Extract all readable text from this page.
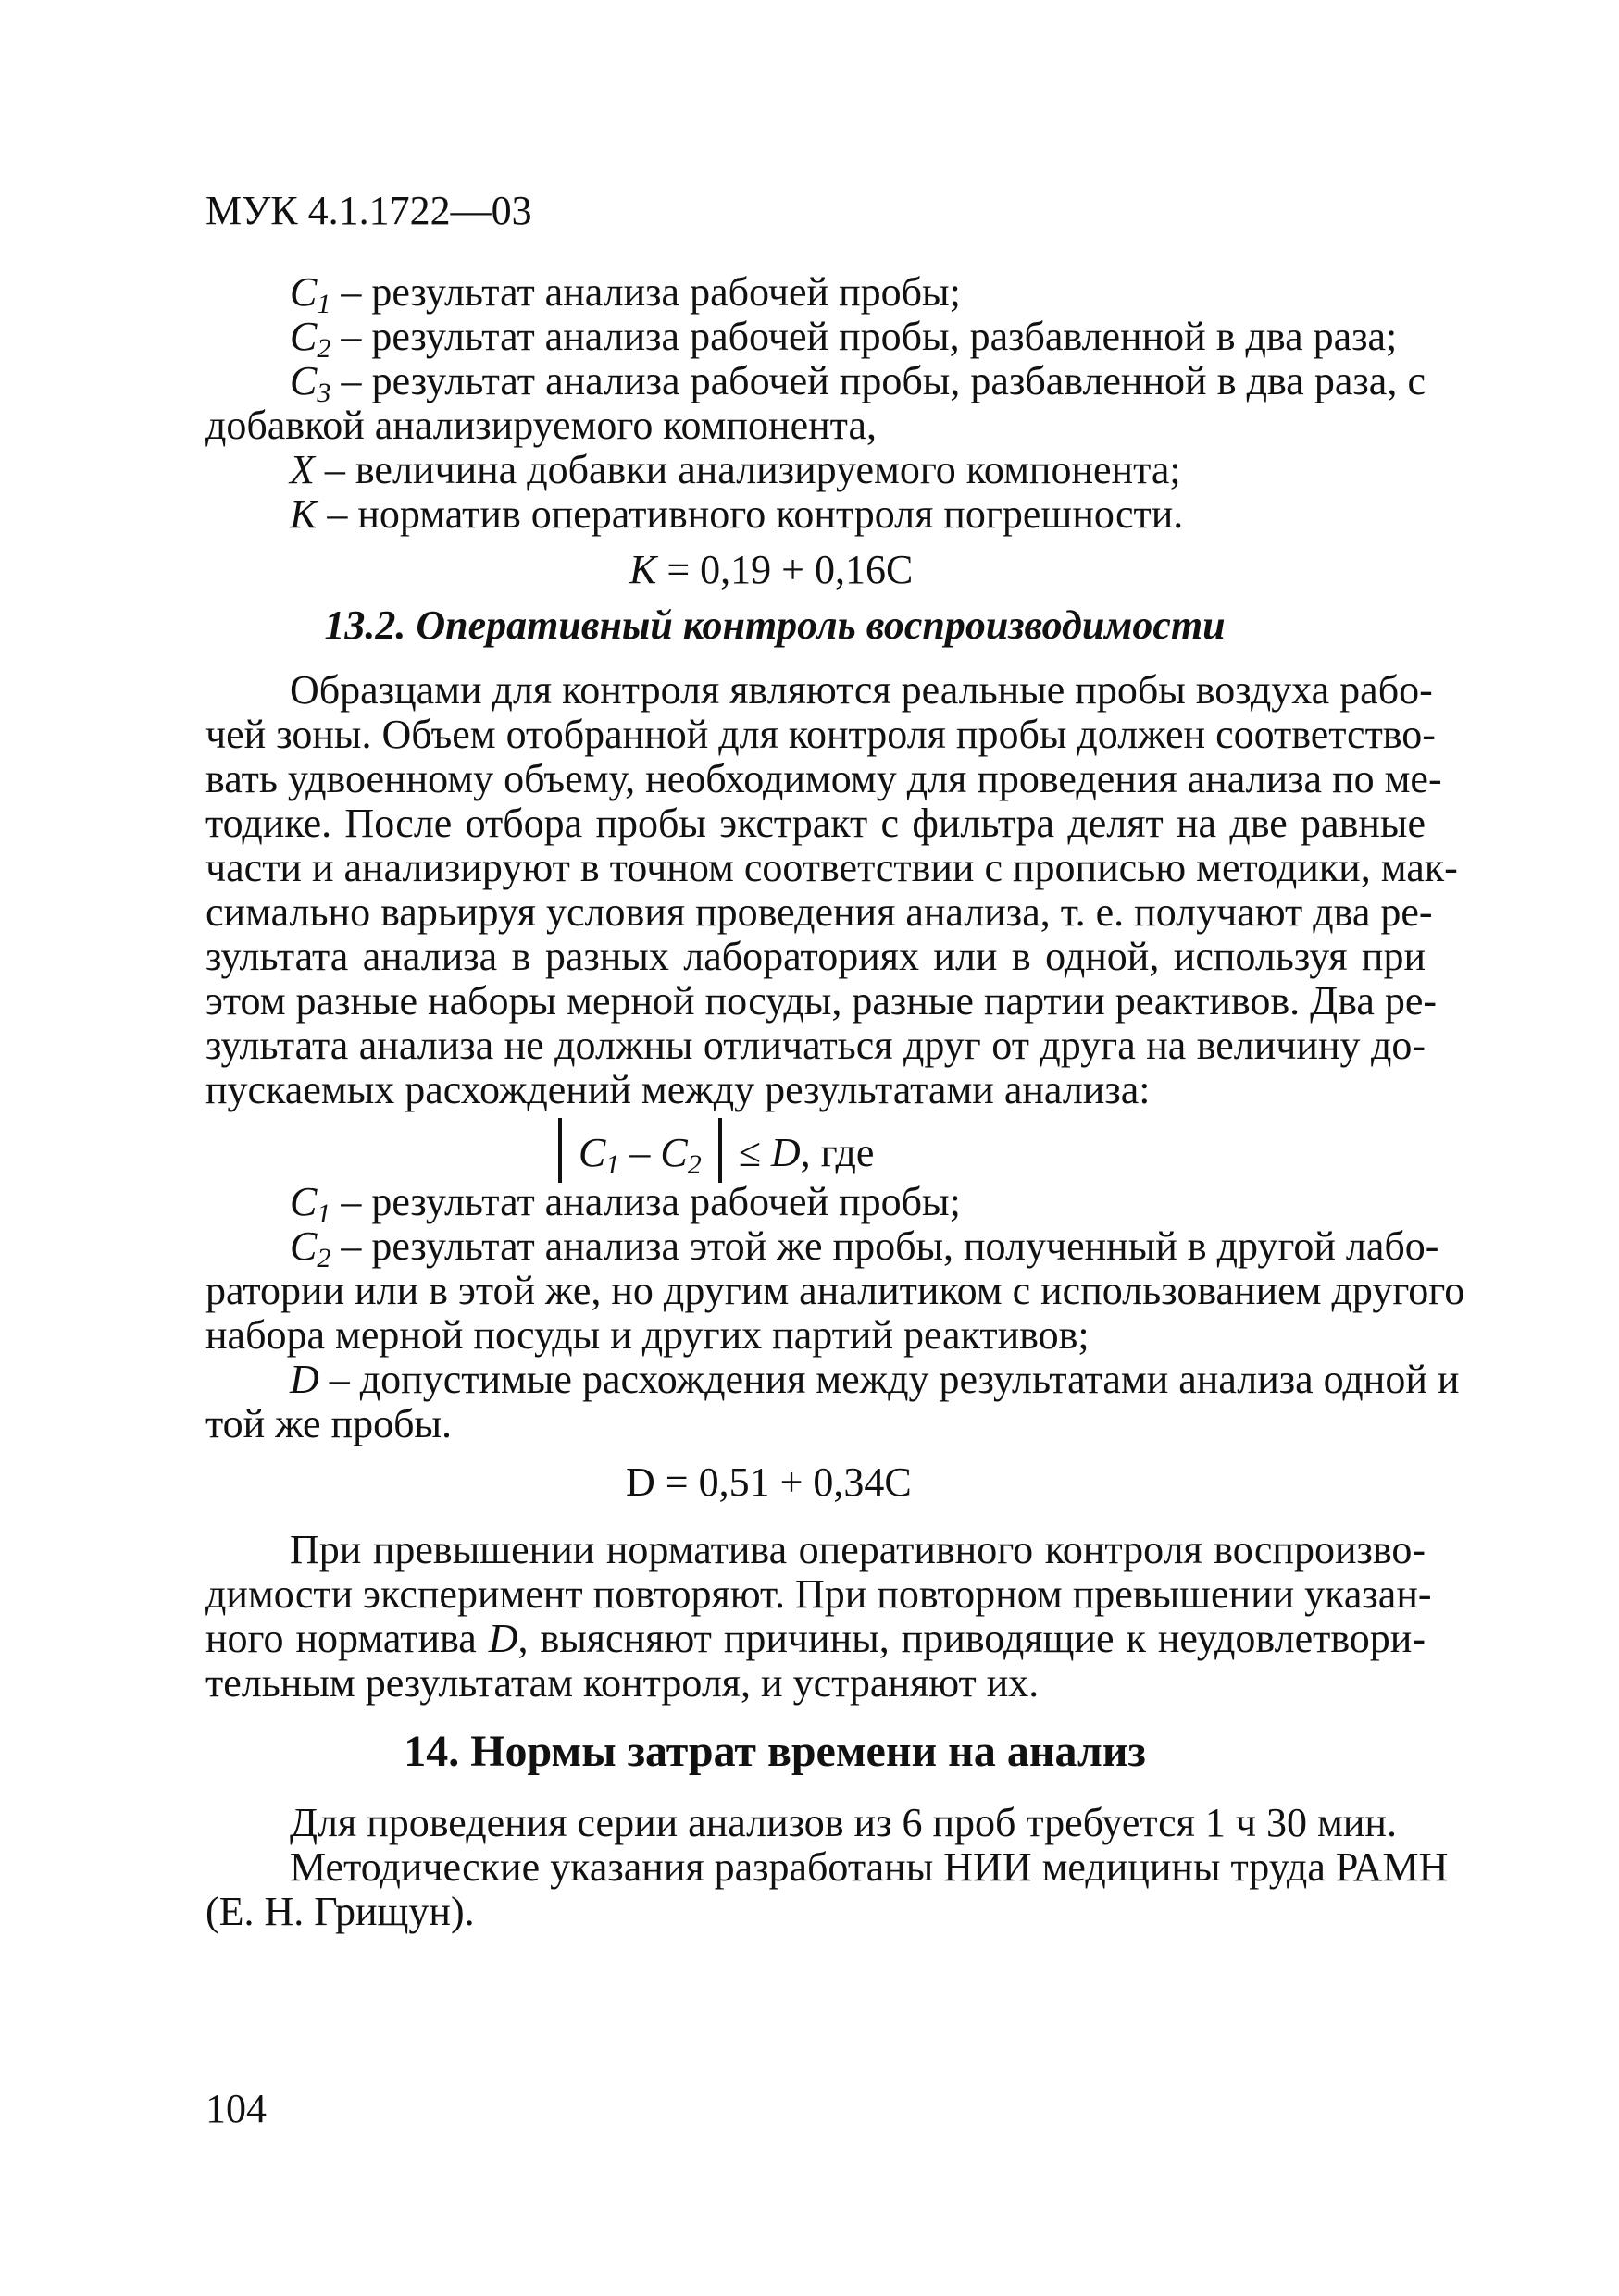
МУК 4.1.1722—03
$C_1$ – результат анализа рабочей пробы;
$C_2$ – результат анализа рабочей пробы, разбавленной в два раза;
$C_3$ – результат анализа рабочей пробы, разбавленной в два раза, с
добавкой анализируемого компонента,
X – величина добавки анализируемого компонента;
K – норматив оперативного контроля погрешности.
K = 0,19 + 0,16С
13.2. Оперативный контроль воспроизводимости
Образцами для контроля являются реальные пробы воздуха рабо-
чей зоны. Объем отобранной для контроля пробы должен соответство-
вать удвоенному объему, необходимому для проведения анализа по ме-
тодике. После отбора пробы экстракт с фильтра делят на две равные
части и анализируют в точном соответствии с прописью методики, мак-
симально варьируя условия проведения анализа, т. е. получают два ре-
зультата анализа в разных лабораториях или в одной, используя при
этом разные наборы мерной посуды, разные партии реактивов. Два ре-
зультата анализа не должны отличаться друг от друга на величину до-
пускаемых расхождений между результатами анализа:
$C_1 - C_2 \le D$, где
$C_1$ – результат анализа рабочей пробы;
$C_2$ – результат анализа этой же пробы, полученный в другой лабо-
ратории или в этой же, но другим аналитиком с использованием другого
набора мерной посуды и других партий реактивов;
D – допустимые расхождения между результатами анализа одной и
той же пробы.
D = 0,51 + 0,34С
При превышении норматива оперативного контроля воспроизво-
димости эксперимент повторяют. При повторном превышении указан-
ного норматива D, выясняют причины, приводящие к неудовлетвори-
тельным результатам контроля, и устраняют их.
14. Нормы затрат времени на анализ
Для проведения серии анализов из 6 проб требуется 1 ч 30 мин.
Методические указания разработаны НИИ медицины труда РАМН
(Е. Н. Грищун).
104
